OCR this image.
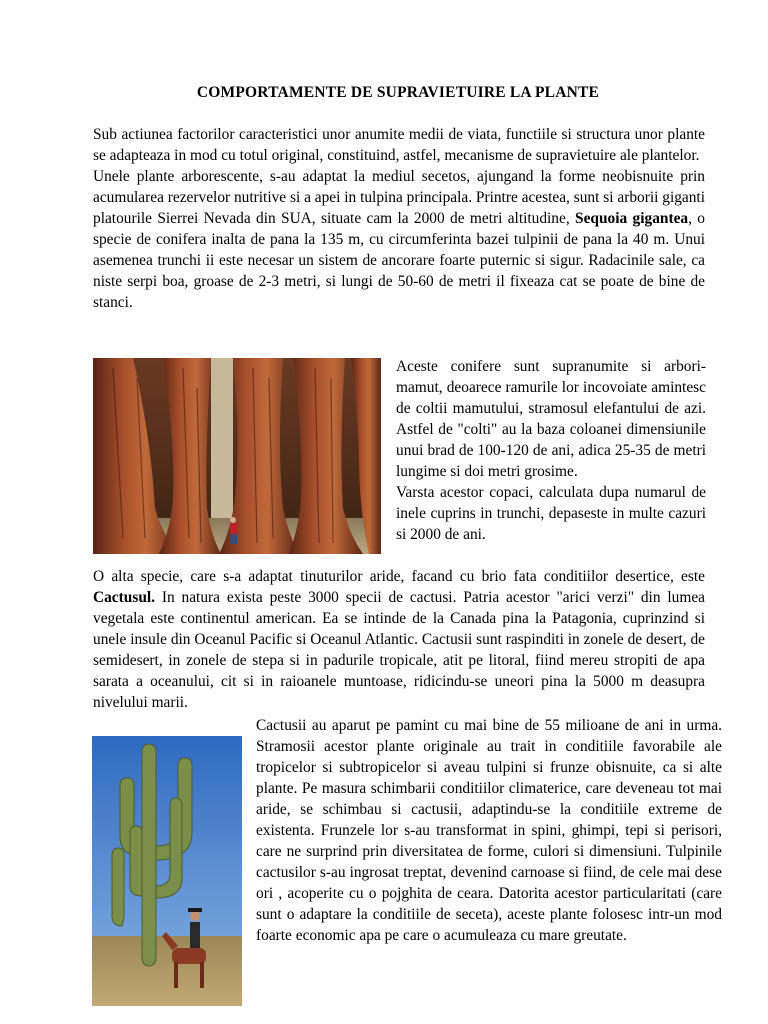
COMPORTAMENTE DE SUPRAVIETUIRE LA PLANTE

Sub actiunea factorilor caracteristici unor anumite medii de viata, functiile si structura unor plante se adapteaza in mod cu totul original, constituind, astfel, mecanisme de supravietuire ale plantelor.
Unele plante arborescente, s-au adaptat la mediul secetos, ajungand la forme neobisnuite prin acumularea rezervelor nutritive si a apei in tulpina principala. Printre acestea, sunt si arborii giganti platourile Sierrei Nevada din SUA, situate cam la 2000 de metri altitudine, Sequoia gigantea, o specie de conifera inalta de pana la 135 m, cu circumferinta bazei tulpinii de pana la 40 m. Unui asemenea trunchi ii este necesar un sistem de ancorare foarte puternic si sigur. Radacinile sale, ca niste serpi boa, groase de 2-3 metri, si lungi de 50-60 de metri il fixeaza cat se poate de bine de stanci.

Aceste conifere sunt supranumite si arbori-mamut, deoarece ramurile lor incovoiate amintesc de coltii mamutului, stramosul elefantului de azi. Astfel de "colti" au la baza coloanei dimensiunile unui brad de 100-120 de ani, adica 25-35 de metri lungime si doi metri grosime.
Varsta acestor copaci, calculata dupa numarul de inele cuprins in trunchi, depaseste in multe cazuri si 2000 de ani.

O alta specie, care s-a adaptat tinuturilor aride, facand cu brio fata conditiilor desertice, este Cactusul. In natura exista peste 3000 specii de cactusi. Patria acestor "arici verzi" din lumea vegetala este continentul american. Ea se intinde de la Canada pina la Patagonia, cuprinzind si unele insule din Oceanul Pacific si Oceanul Atlantic. Cactusii sunt raspinditi in zonele de desert, de semidesert, in zonele de stepa si in padurile tropicale, atit pe litoral, fiind mereu stropiti de apa sarata a oceanului, cit si in raioanele muntoase, ridicindu-se uneori pina la 5000 m deasupra nivelului marii.

Cactusii au aparut pe pamint cu mai bine de 55 milioane de ani in urma. Stramosii acestor plante originale au trait in conditiile favorabile ale tropicelor si subtropicelor si aveau tulpini si frunze obisnuite, ca si alte plante. Pe masura schimbarii conditiilor climaterice, care deveneau tot mai aride, se schimbau si cactusii, adaptindu-se la conditiile extreme de existenta. Frunzele lor s-au transformat in spini, ghimpi, tepi si perisori, care ne surprind prin diversitatea de forme, culori si dimensiuni. Tulpinile cactusilor s-au ingrosat treptat, devenind carnoase si fiind, de cele mai dese ori , acoperite cu o pojghita de ceara. Datorita acestor particularitati (care sunt o adaptare la conditiile de seceta), aceste plante folosesc intr-un mod foarte economic apa pe care o acumuleaza cu mare greutate.
